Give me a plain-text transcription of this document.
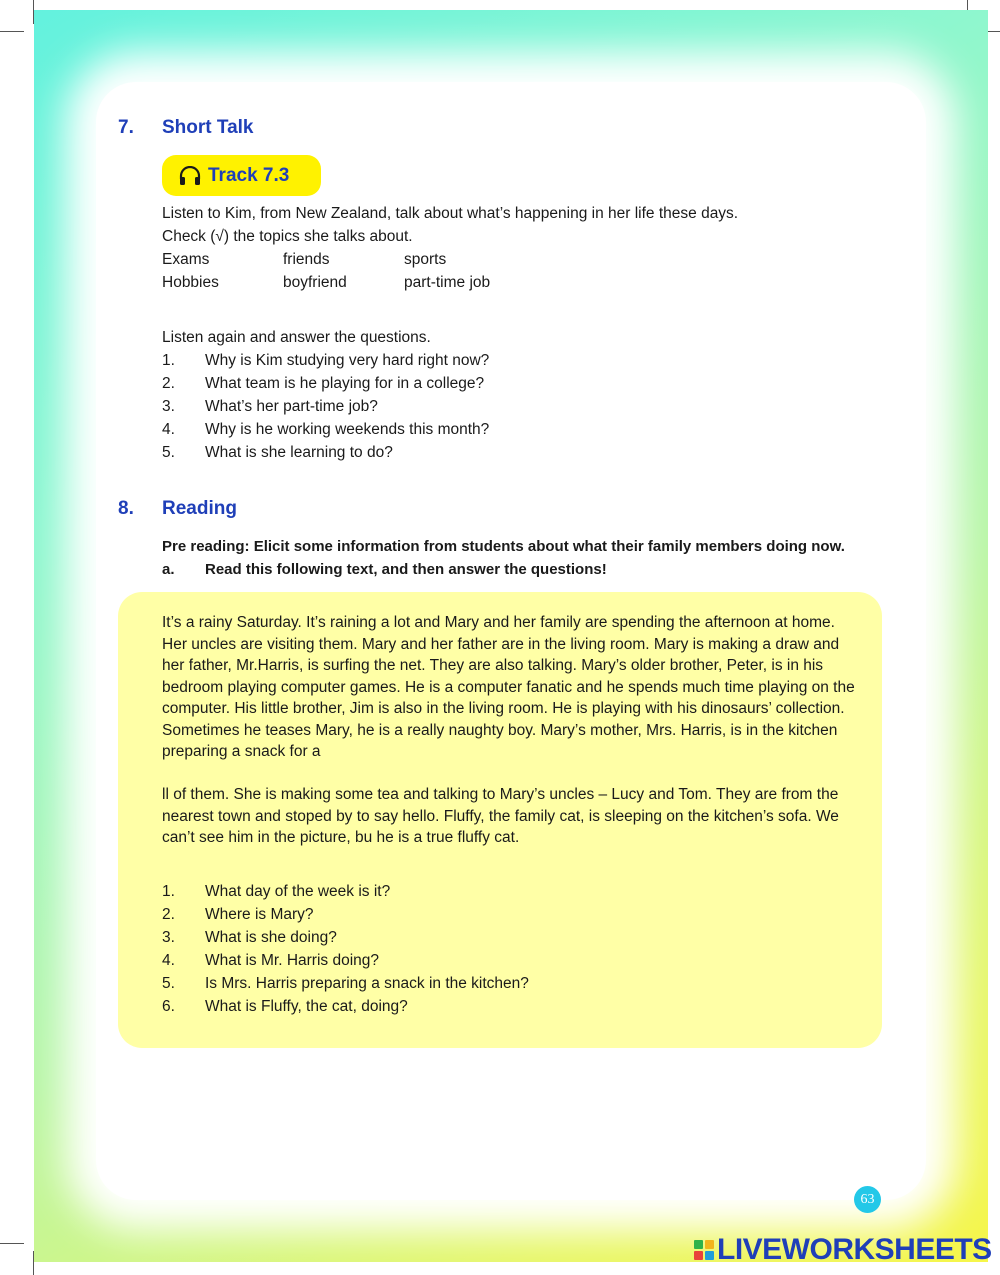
7.	Short Talk
Track 7.3
Listen to Kim, from New Zealand, talk about what’s happening in her life these days.
Check (√) the topics she talks about.
Exams	friends	sports
Hobbies	boyfriend	part-time job
Listen again and answer the questions.
1.	Why is Kim studying very hard right now?
2.	What team is he playing for in a college?
3.	What’s her part-time job?
4.	Why is he working weekends this month?
5.	What is she learning to do?
8.	Reading
Pre reading: Elicit some information from students about what their family members doing now.
a.	Read this following text, and then answer the questions!
It’s a rainy Saturday. It’s raining a lot and Mary and her family are spending the afternoon at home.
Her uncles are visiting them. Mary and her father are in the living room. Mary is making a draw and
her father, Mr.Harris, is surfing the net. They are also talking. Mary’s older brother, Peter, is in his
bedroom playing computer games. He is a computer fanatic and he spends much time playing on the
computer. His little brother, Jim is also in the living room. He is playing with his dinosaurs’ collection.
Sometimes he teases Mary, he is a really naughty boy. Mary’s mother, Mrs. Harris, is in the kitchen
preparing a snack for a
ll of them. She is making some tea and talking to Mary’s uncles – Lucy and Tom. They are from the
nearest town and stoped by to say hello. Fluffy, the family cat, is sleeping on the kitchen’s sofa. We
can’t see him in the picture, bu he is a true fluffy cat.
1.	What day of the week is it?
2.	Where is Mary?
3.	What is she doing?
4.	What is Mr. Harris doing?
5.	Is Mrs. Harris preparing a snack in the kitchen?
6.	What is Fluffy, the cat, doing?
63
LIVEWORKSHEETS
